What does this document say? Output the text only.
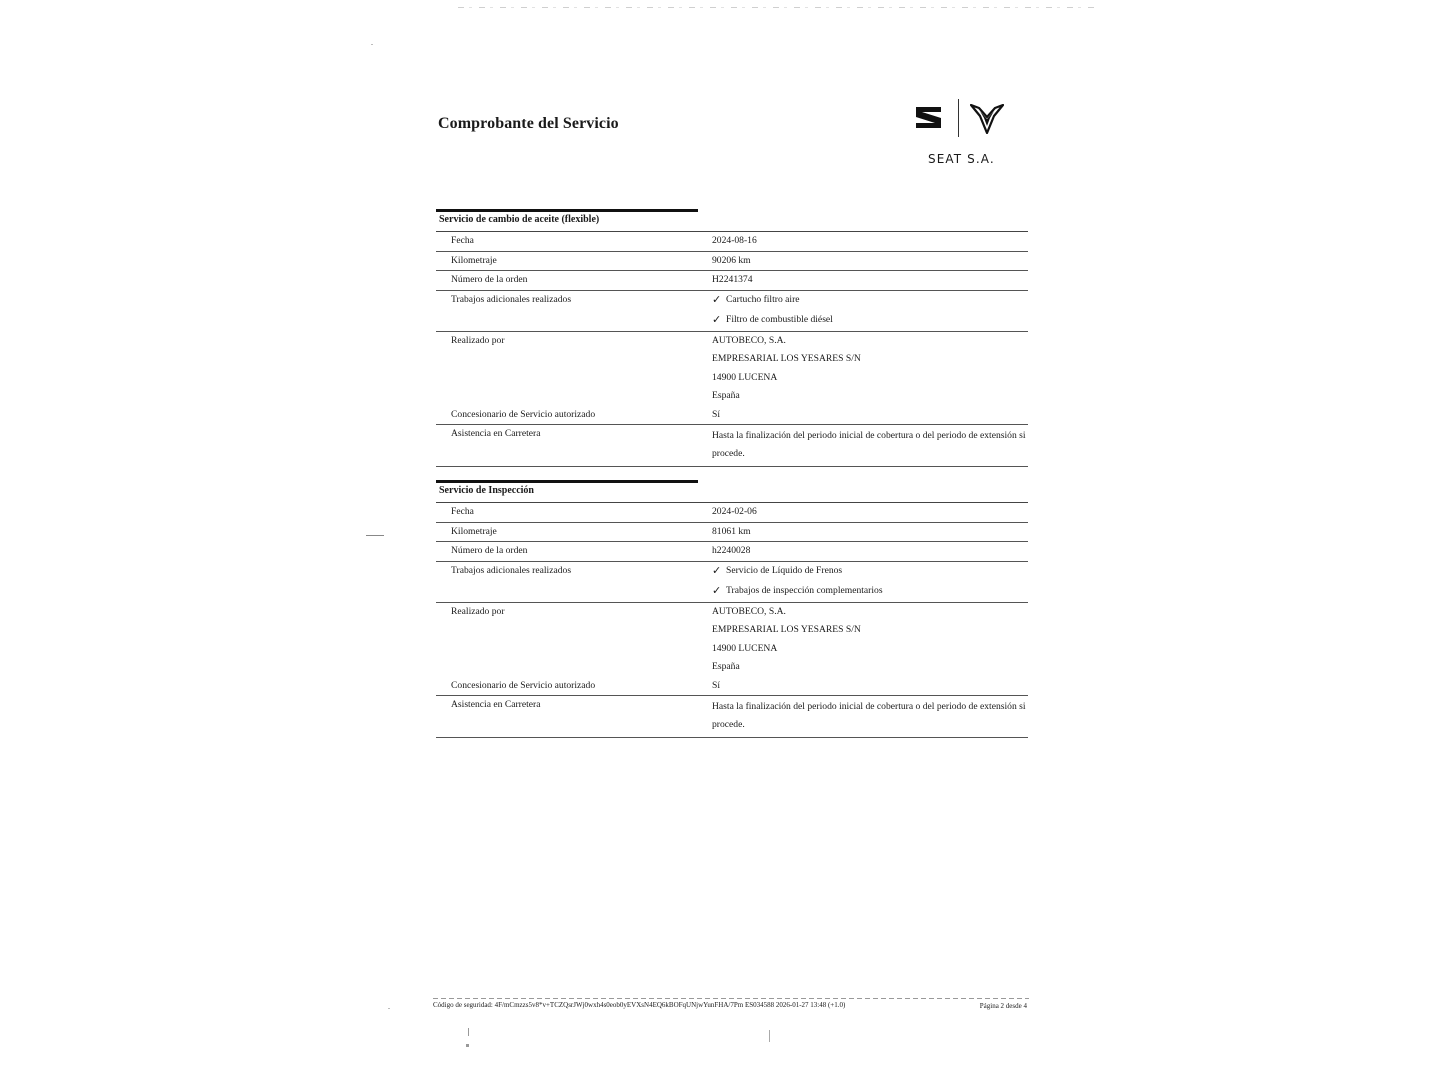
Comprobante del Servicio
SEAT S.A.
Servicio de cambio de aceite (flexible)
Fecha	2024-08-16
Kilometraje	90206 km
Número de la orden	H2241374
Trabajos adicionales realizados	✓ Cartucho filtro aire
✓ Filtro de combustible diésel
Realizado por	AUTOBECO, S.A.
EMPRESARIAL LOS YESARES S/N
14900 LUCENA
España
Concesionario de Servicio autorizado	Sí
Asistencia en Carretera	Hasta la finalización del periodo inicial de cobertura o del periodo de extensión si procede.
Servicio de Inspección
Fecha	2024-02-06
Kilometraje	81061 km
Número de la orden	h2240028
Trabajos adicionales realizados	✓ Servicio de Líquido de Frenos
✓ Trabajos de inspección complementarios
Realizado por	AUTOBECO, S.A.
EMPRESARIAL LOS YESARES S/N
14900 LUCENA
España
Concesionario de Servicio autorizado	Sí
Asistencia en Carretera	Hasta la finalización del periodo inicial de cobertura o del periodo de extensión si procede.
Código de seguridad: 4F/mCmzzs5v8*v+TCZQsrJWj0wxh4s0eob0yEVXsN4EQ6kBOFqUNjwYunFHA/7Pm ES034588 2026-01-27 13:48 (+1.0)	Página 2 desde 4
